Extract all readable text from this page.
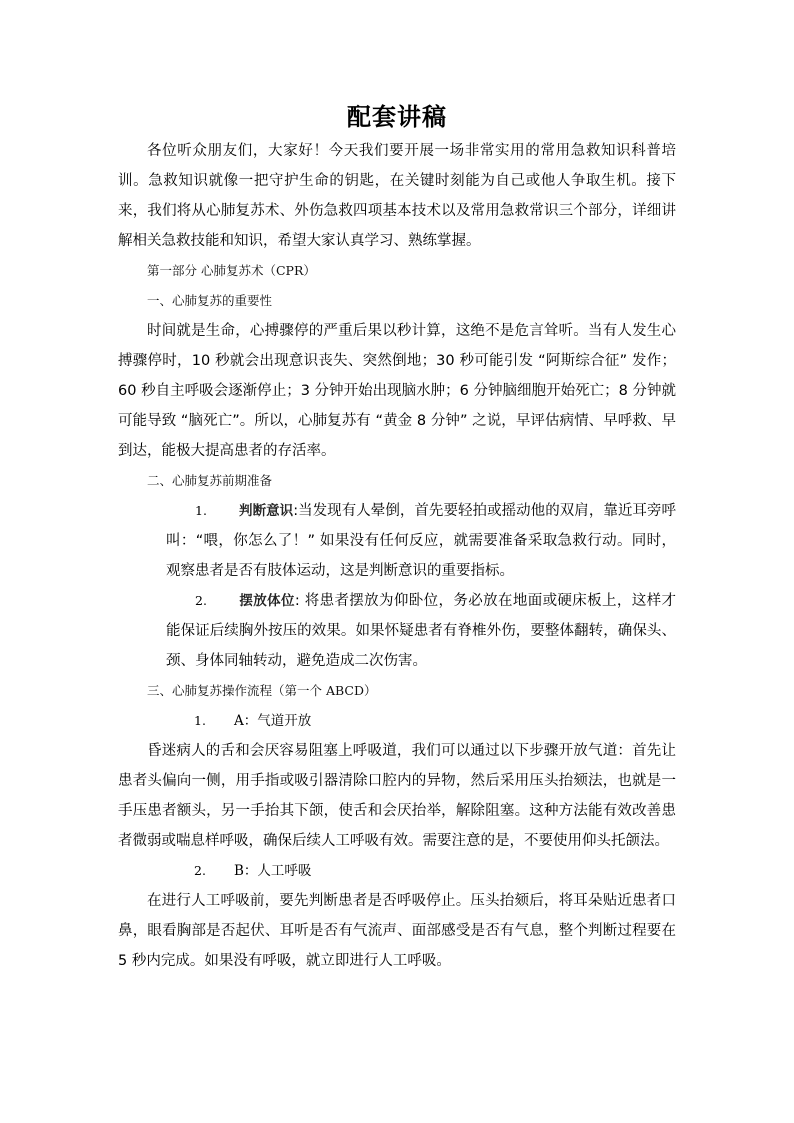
配套讲稿

各位听众朋友们，大家好！今天我们要开展一场非常实用的常用急救知识科普培训。急救知识就像一把守护生命的钥匙，在关键时刻能为自己或他人争取生机。接下来，我们将从心肺复苏术、外伤急救四项基本技术以及常用急救常识三个部分，详细讲解相关急救技能和知识，希望大家认真学习、熟练掌握。

第一部分 心肺复苏术（CPR）

一、心肺复苏的重要性

时间就是生命，心搏骤停的严重后果以秒计算，这绝不是危言耸听。当有人发生心搏骤停时，10 秒就会出现意识丧失、突然倒地；30 秒可能引发 “阿斯综合征” 发作；60 秒自主呼吸会逐渐停止；3 分钟开始出现脑水肿；6 分钟脑细胞开始死亡；8 分钟就可能导致 “脑死亡”。所以，心肺复苏有 “黄金 8 分钟” 之说，早评估病情、早呼救、早到达，能极大提高患者的存活率。

二、心肺复苏前期准备

1. 判断意识:当发现有人晕倒，首先要轻拍或摇动他的双肩，靠近耳旁呼叫：“喂，你怎么了！” 如果没有任何反应，就需要准备采取急救行动。同时，观察患者是否有肢体运动，这是判断意识的重要指标。

2. 摆放体位: 将患者摆放为仰卧位，务必放在地面或硬床板上，这样才能保证后续胸外按压的效果。如果怀疑患者有脊椎外伤，要整体翻转，确保头、颈、身体同轴转动，避免造成二次伤害。

三、心肺复苏操作流程（第一个 ABCD）

1. A：气道开放

昏迷病人的舌和会厌容易阻塞上呼吸道，我们可以通过以下步骤开放气道：首先让患者头偏向一侧，用手指或吸引器清除口腔内的异物，然后采用压头抬颏法，也就是一手压患者额头，另一手抬其下颌，使舌和会厌抬举，解除阻塞。这种方法能有效改善患者微弱或喘息样呼吸，确保后续人工呼吸有效。需要注意的是，不要使用仰头托颌法。

2. B：人工呼吸

在进行人工呼吸前，要先判断患者是否呼吸停止。压头抬颏后，将耳朵贴近患者口鼻，眼看胸部是否起伏、耳听是否有气流声、面部感受是否有气息，整个判断过程要在 5 秒内完成。如果没有呼吸，就立即进行人工呼吸。
